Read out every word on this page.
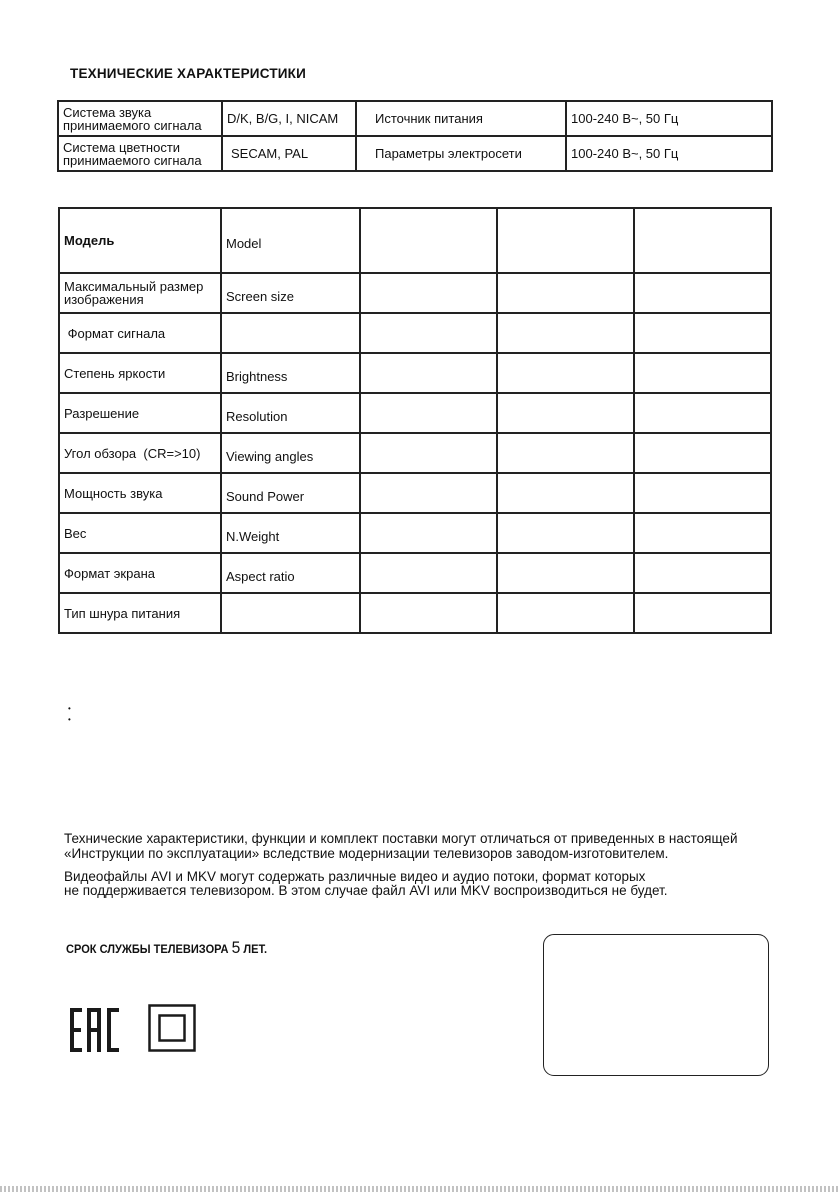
ТЕХНИЧЕСКИЕ ХАРАКТЕРИСТИКИ
Система звука
принимаемого сигнала	D/K, B/G, I, NICAM	Источник питания	100-240 В~, 50 Гц
Система цветности
принимаемого сигнала	SECAM, PAL	Параметры электросети	100-240 В~, 50 Гц
Модель	Model			
Максимальный размер
изображения	Screen size			
Формат сигнала				
Степень яркости	Brightness			
Разрешение	Resolution			
Угол обзора  (CR=>10)	Viewing angles			
Мощность звука	Sound Power			
Вес	N.Weight			
Формат экрана	Aspect ratio			
Тип шнура питания				
•
•
Технические характеристики, функции и комплект поставки могут отличаться от приведенных в настоящей
«Инструкции по эксплуатации» вследствие модернизации телевизоров заводом-изготовителем.
Видеофайлы AVI и MKV могут содержать различные видео и аудио потоки, формат которых
не поддерживается телевизором. В этом случае файл AVI или MKV воспроизводиться не будет.
СРОК СЛУЖБЫ ТЕЛЕВИЗОРА 5 ЛЕТ.
